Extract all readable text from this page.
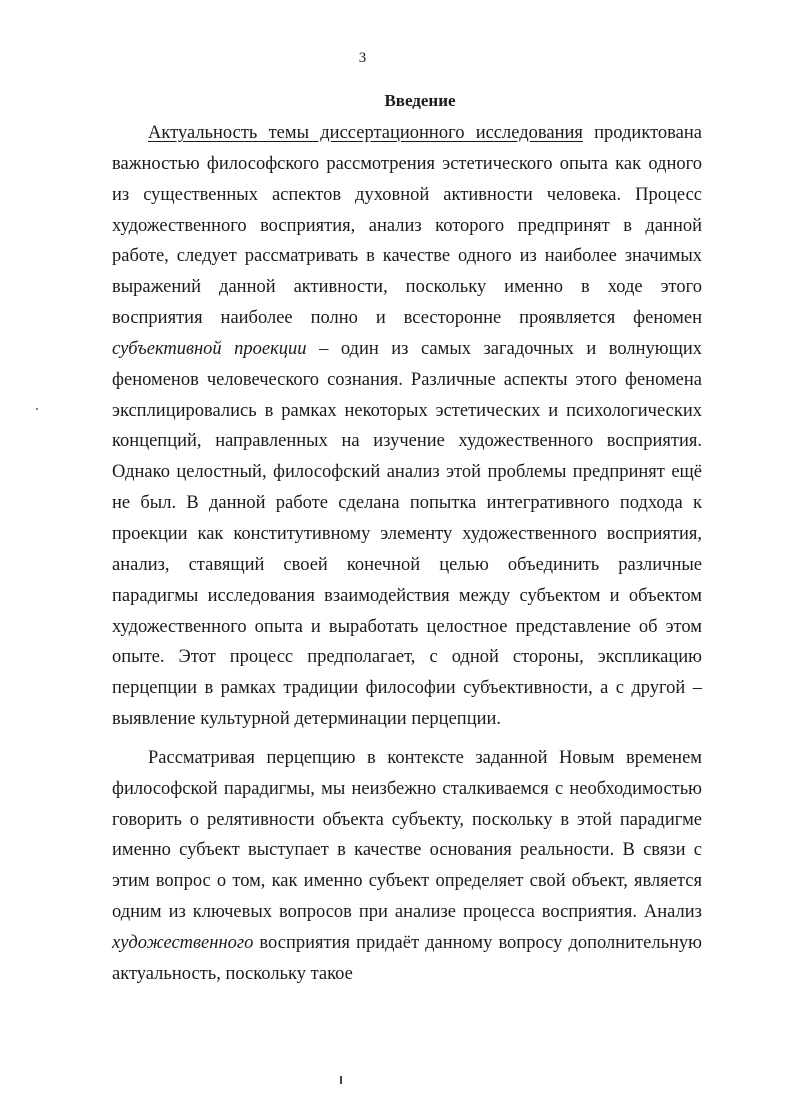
3
Введение

Актуальность темы диссертационного исследования продиктована важностью философского рассмотрения эстетического опыта как одного из существенных аспектов духовной активности человека. Процесс художественного восприятия, анализ которого предпринят в данной работе, следует рассматривать в качестве одного из наиболее значимых выражений данной активности, поскольку именно в ходе этого восприятия наиболее полно и всесторонне проявляется феномен субъективной проекции – один из самых загадочных и волнующих феноменов человеческого сознания. Различные аспекты этого феномена эксплицировались в рамках некоторых эстетических и психологических концепций, направленных на изучение художественного восприятия. Однако целостный, философский анализ этой проблемы предпринят ещё не был. В данной работе сделана попытка интегративного подхода к проекции как конститутивному элементу художественного восприятия, анализ, ставящий своей конечной целью объединить различные парадигмы исследования взаимодействия между субъектом и объектом художественного опыта и выработать целостное представление об этом опыте. Этот процесс предполагает, с одной стороны, экспликацию перцепции в рамках традиции философии субъективности, а с другой – выявление культурной детерминации перцепции.

Рассматривая перцепцию в контексте заданной Новым временем философской парадигмы, мы неизбежно сталкиваемся с необходимостью говорить о релятивности объекта субъекту, поскольку в этой парадигме именно субъект выступает в качестве основания реальности. В связи с этим вопрос о том, как именно субъект определяет свой объект, является одним из ключевых вопросов при анализе процесса восприятия. Анализ художественного восприятия придаёт данному вопросу дополнительную актуальность, поскольку такое
